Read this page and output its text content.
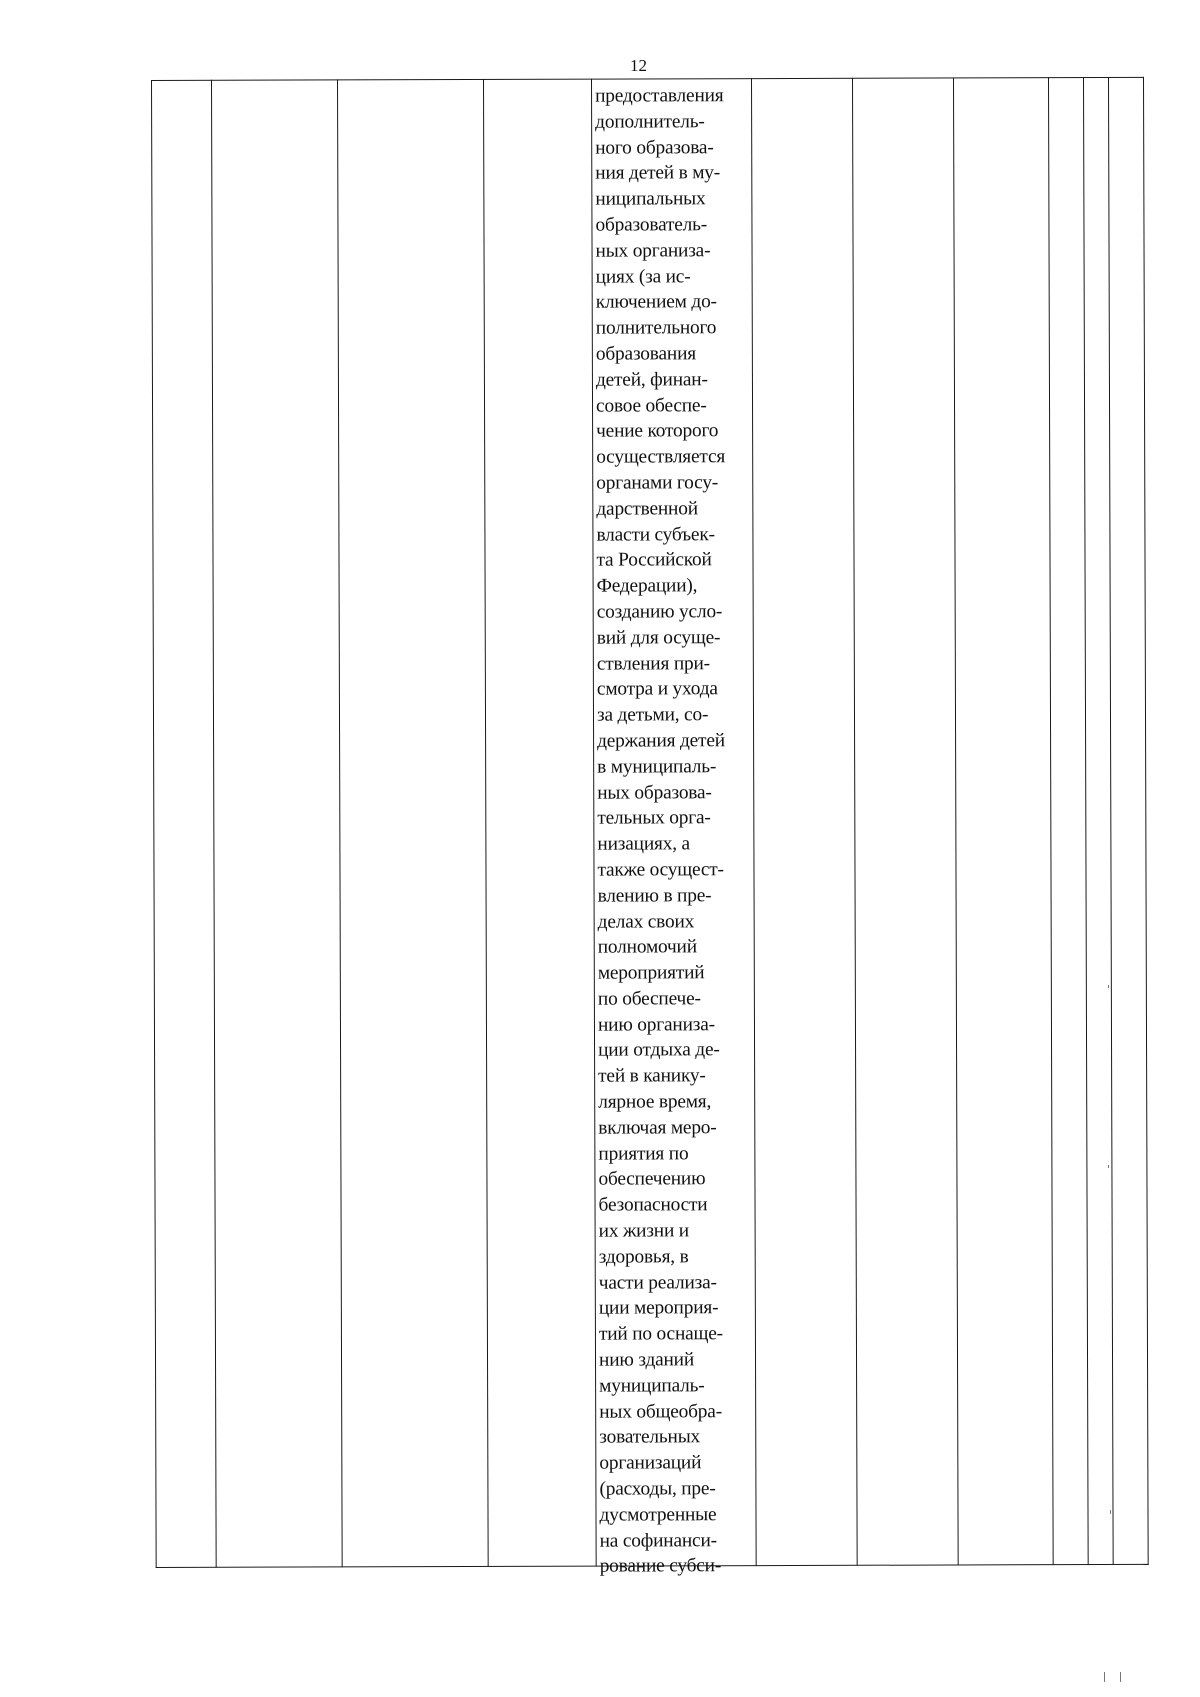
12
предоставления
дополнитель-
ного образова-
ния детей в му-
ниципальных
образователь-
ных организа-
циях (за ис-
ключением до-
полнительного
образования
детей, финан-
совое обеспе-
чение которого
осуществляется
органами госу-
дарственной
власти субъек-
та Российской
Федерации),
созданию усло-
вий для осуще-
ствления при-
смотра и ухода
за детьми, со-
держания детей
в муниципаль-
ных образова-
тельных орга-
низациях, а
также осущест-
влению в пре-
делах своих
полномочий
мероприятий
по обеспече-
нию организа-
ции отдыха де-
тей в канику-
лярное время,
включая меро-
приятия по
обеспечению
безопасности
их жизни и
здоровья, в
части реализа-
ции мероприя-
тий по оснаще-
нию зданий
муниципаль-
ных общеобра-
зовательных
организаций
(расходы, пре-
дусмотренные
на софинанси-
рование субси-
